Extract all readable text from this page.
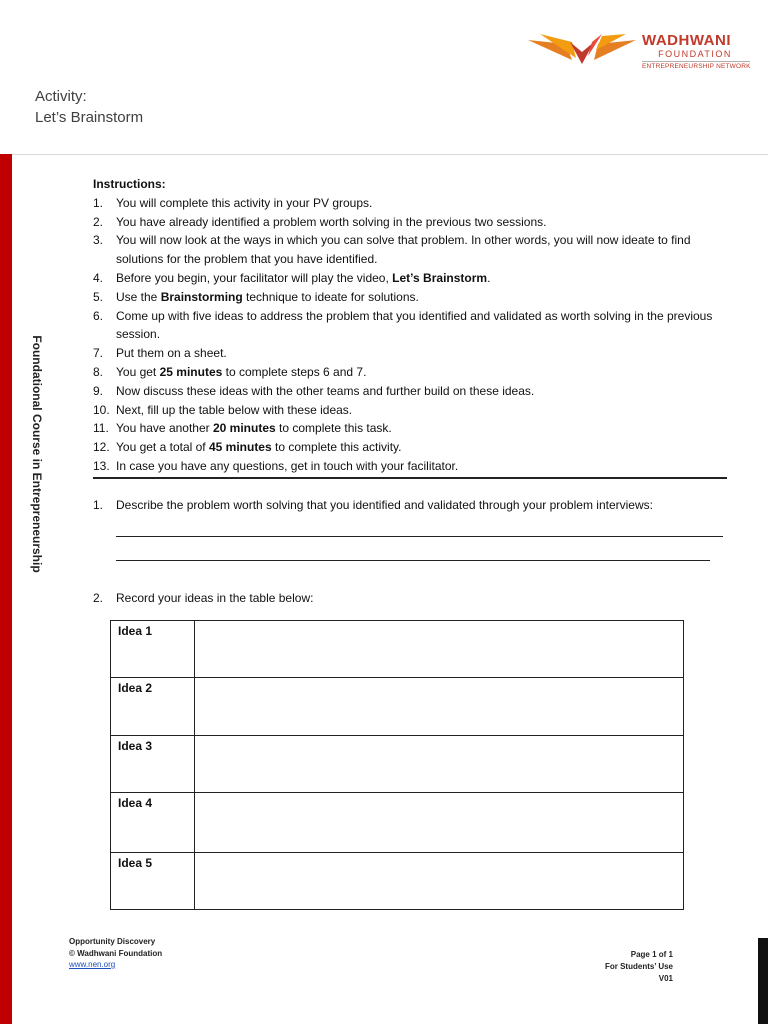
Activity:
Let’s Brainstorm
WADHWANI
FOUNDATION
ENTREPRENEURSHIP NETWORK
Foundational Course in Entrepreneurship
Instructions:
1. You will complete this activity in your PV groups.
2. You have already identified a problem worth solving in the previous two sessions.
3. You will now look at the ways in which you can solve that problem. In other words, you will now ideate to find solutions for the problem that you have identified.
4. Before you begin, your facilitator will play the video, Let’s Brainstorm.
5. Use the Brainstorming technique to ideate for solutions.
6. Come up with five ideas to address the problem that you identified and validated as worth solving in the previous session.
7. Put them on a sheet.
8. You get 25 minutes to complete steps 6 and 7.
9. Now discuss these ideas with the other teams and further build on these ideas.
10. Next, fill up the table below with these ideas.
11. You have another 20 minutes to complete this task.
12. You get a total of 45 minutes to complete this activity.
13. In case you have any questions, get in touch with your facilitator.
1. Describe the problem worth solving that you identified and validated through your problem interviews:
2. Record your ideas in the table below:
Idea 1	
Idea 2	
Idea 3	
Idea 4	
Idea 5	
Opportunity Discovery
© Wadhwani Foundation
www.nen.org
Page 1 of 1
For Students’ Use
V01
